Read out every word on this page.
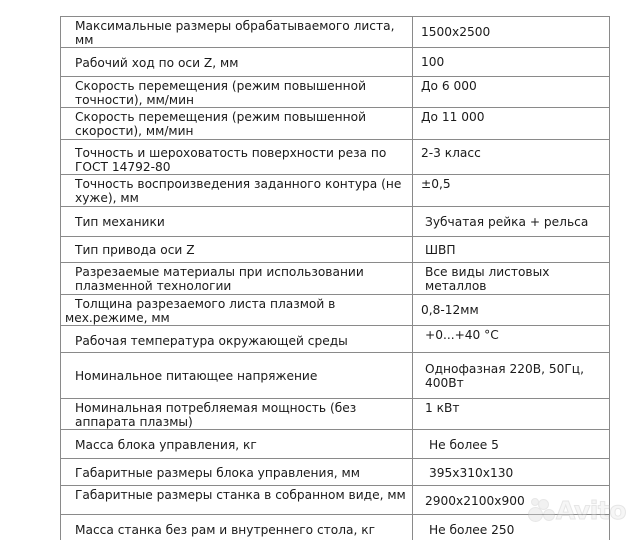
Максимальные размеры обрабатываемого листа, мм	1500x2500
Рабочий ход по оси Z, мм	100
Скорость перемещения (режим повышенной точности), мм/мин	До 6 000
Скорость перемещения (режим повышенной скорости), мм/мин	До 11 000
Точность и шероховатость поверхности реза по ГОСТ 14792-80	2-3 класс
Точность воспроизведения заданного контура (не хуже), мм	±0,5
Тип механики	Зубчатая рейка + рельса
Тип привода оси Z	ШВП
Разрезаемые материалы при использовании плазменной технологии	Все виды листовых металлов

Толщина разрезаемого листа плазмой в мех.режиме, мм	0,8-12мм
Рабочая температура окружающей среды	+0...+40 °С
Номинальное питающее напряжение	Однофазная 220В, 50Гц, 400Вт
Номинальная потребляемая мощность (без аппарата плазмы)	1 кВт
Масса блока управления, кг	Не более 5
Габаритные размеры блока управления, мм	395x310x130
Габаритные размеры станка в собранном виде, мм	2900x2100x900
Масса станка без рам и внутреннего стола, кг	Не более 250

Avito
